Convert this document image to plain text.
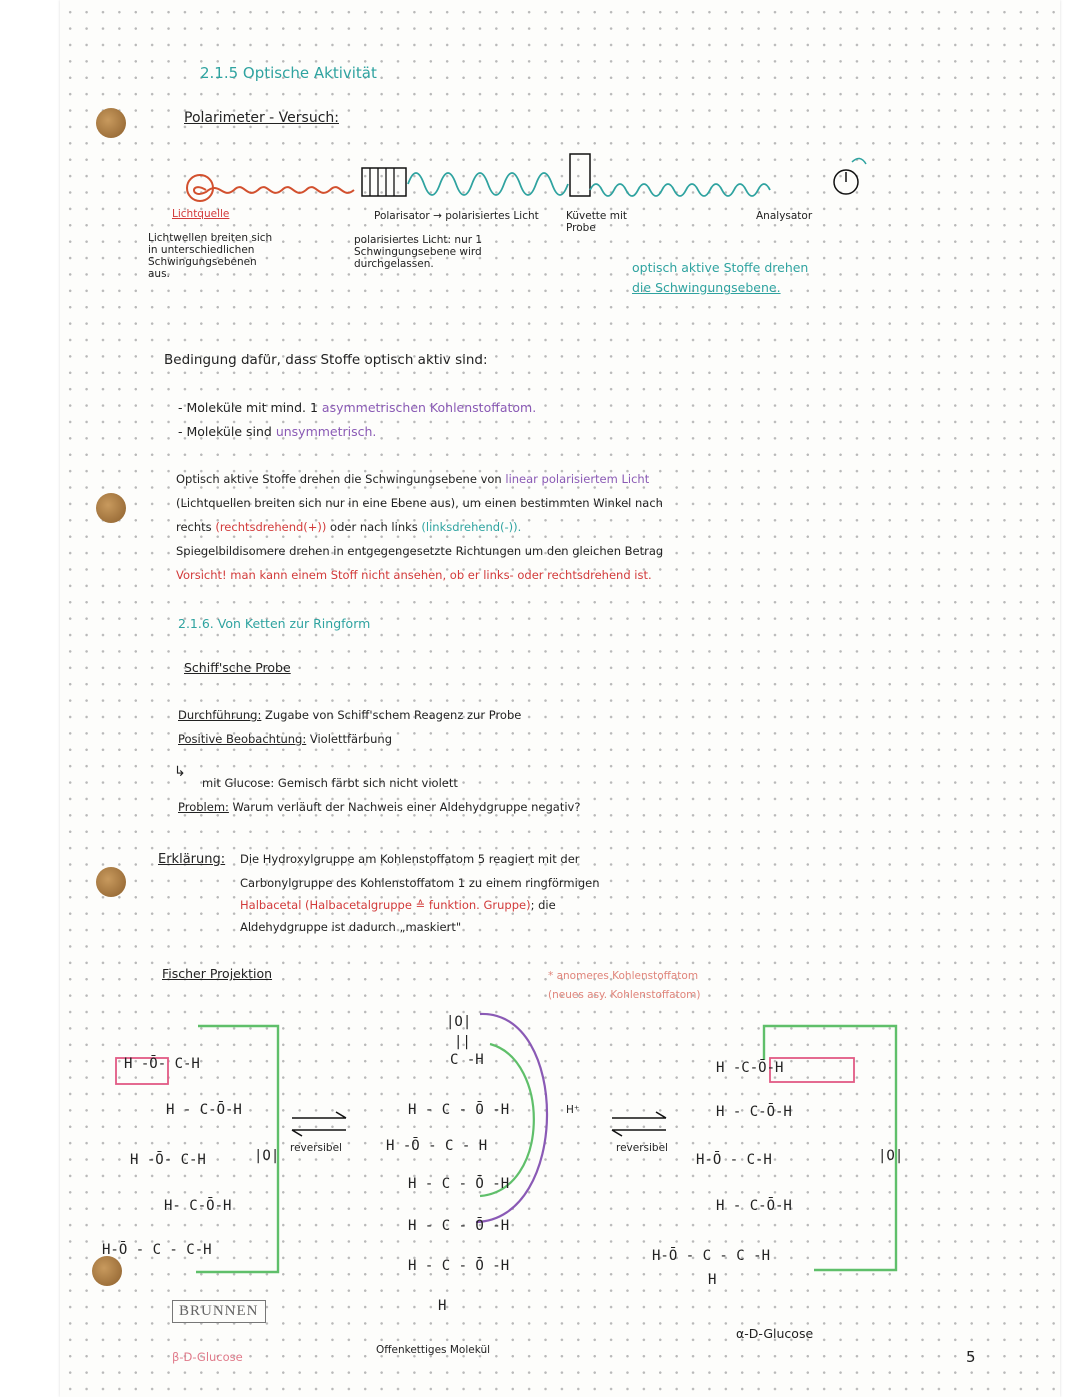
2.1.5 Optische Aktivität
Polarimeter - Versuch:
Lichtquelle
Lichtwellen breiten sich
in unterschiedlichen
Schwingungsebenen
aus.
Polarisator → polarisiertes Licht
polarisiertes Licht: nur 1
Schwingungsebene wird
durchgelassen.
Küvette mit
Probe
Analysator
optisch aktive Stoffe drehen
die Schwingungsebene.
Bedingung dafür, dass Stoffe optisch aktiv sind:
- Moleküle mit mind. 1 asymmetrischen Kohlenstoffatom.
- Moleküle sind unsymmetrisch.
Optisch aktive Stoffe drehen die Schwingungsebene von linear polarisiertem Licht
(Lichtquellen breiten sich nur in eine Ebene aus), um einen bestimmten Winkel nach
rechts (rechtsdrehend(+)) oder nach links (linksdrehend(-)).
Spiegelbildisomere drehen in entgegengesetzte Richtungen um den gleichen Betrag
Vorsicht! man kann einem Stoff nicht ansehen, ob er links- oder rechtsdrehend ist.
2.1.6. Von Ketten zur Ringform
Schiff'sche Probe
Durchführung: Zugabe von Schiff'schem Reagenz zur Probe
Positive Beobachtung: Violettfärbung
↳
mit Glucose: Gemisch färbt sich nicht violett
Problem: Warum verläuft der Nachweis einer Aldehydgruppe negativ?
Erklärung: Die Hydroxylgruppe am Kohlenstoffatom 5 reagiert mit der
Carbonylgruppe des Kohlenstoffatom 1 zu einem ringförmigen
Halbacetal (Halbacetalgruppe ≙ funktion. Gruppe); die
Aldehydgruppe ist dadurch „maskiert"
Fischer Projektion	* anomeres Kohlenstoffatom
(neues asy. Kohlenstoffatom)
H -Ō- C-H
H - C-Ō-H
H -Ō- C-H	|O|
H- C-Ō-H
H-Ō - C - C-H
BRUNNEN
β-D-Glucose
reversibel
|O|
||
C -H
H - C - Ō -H
H -Ō - C - H
H - C - Ō -H
H - C - Ō -H
H - C - Ō -H
H
H⁺
Offenkettiges Molekül
reversibel
H -C-Ō-H
H - C-Ō-H
H-Ō - C-H	|O|
H - C-Ō-H
H-Ō - C - C -H
H
α-D-Glucose
5
